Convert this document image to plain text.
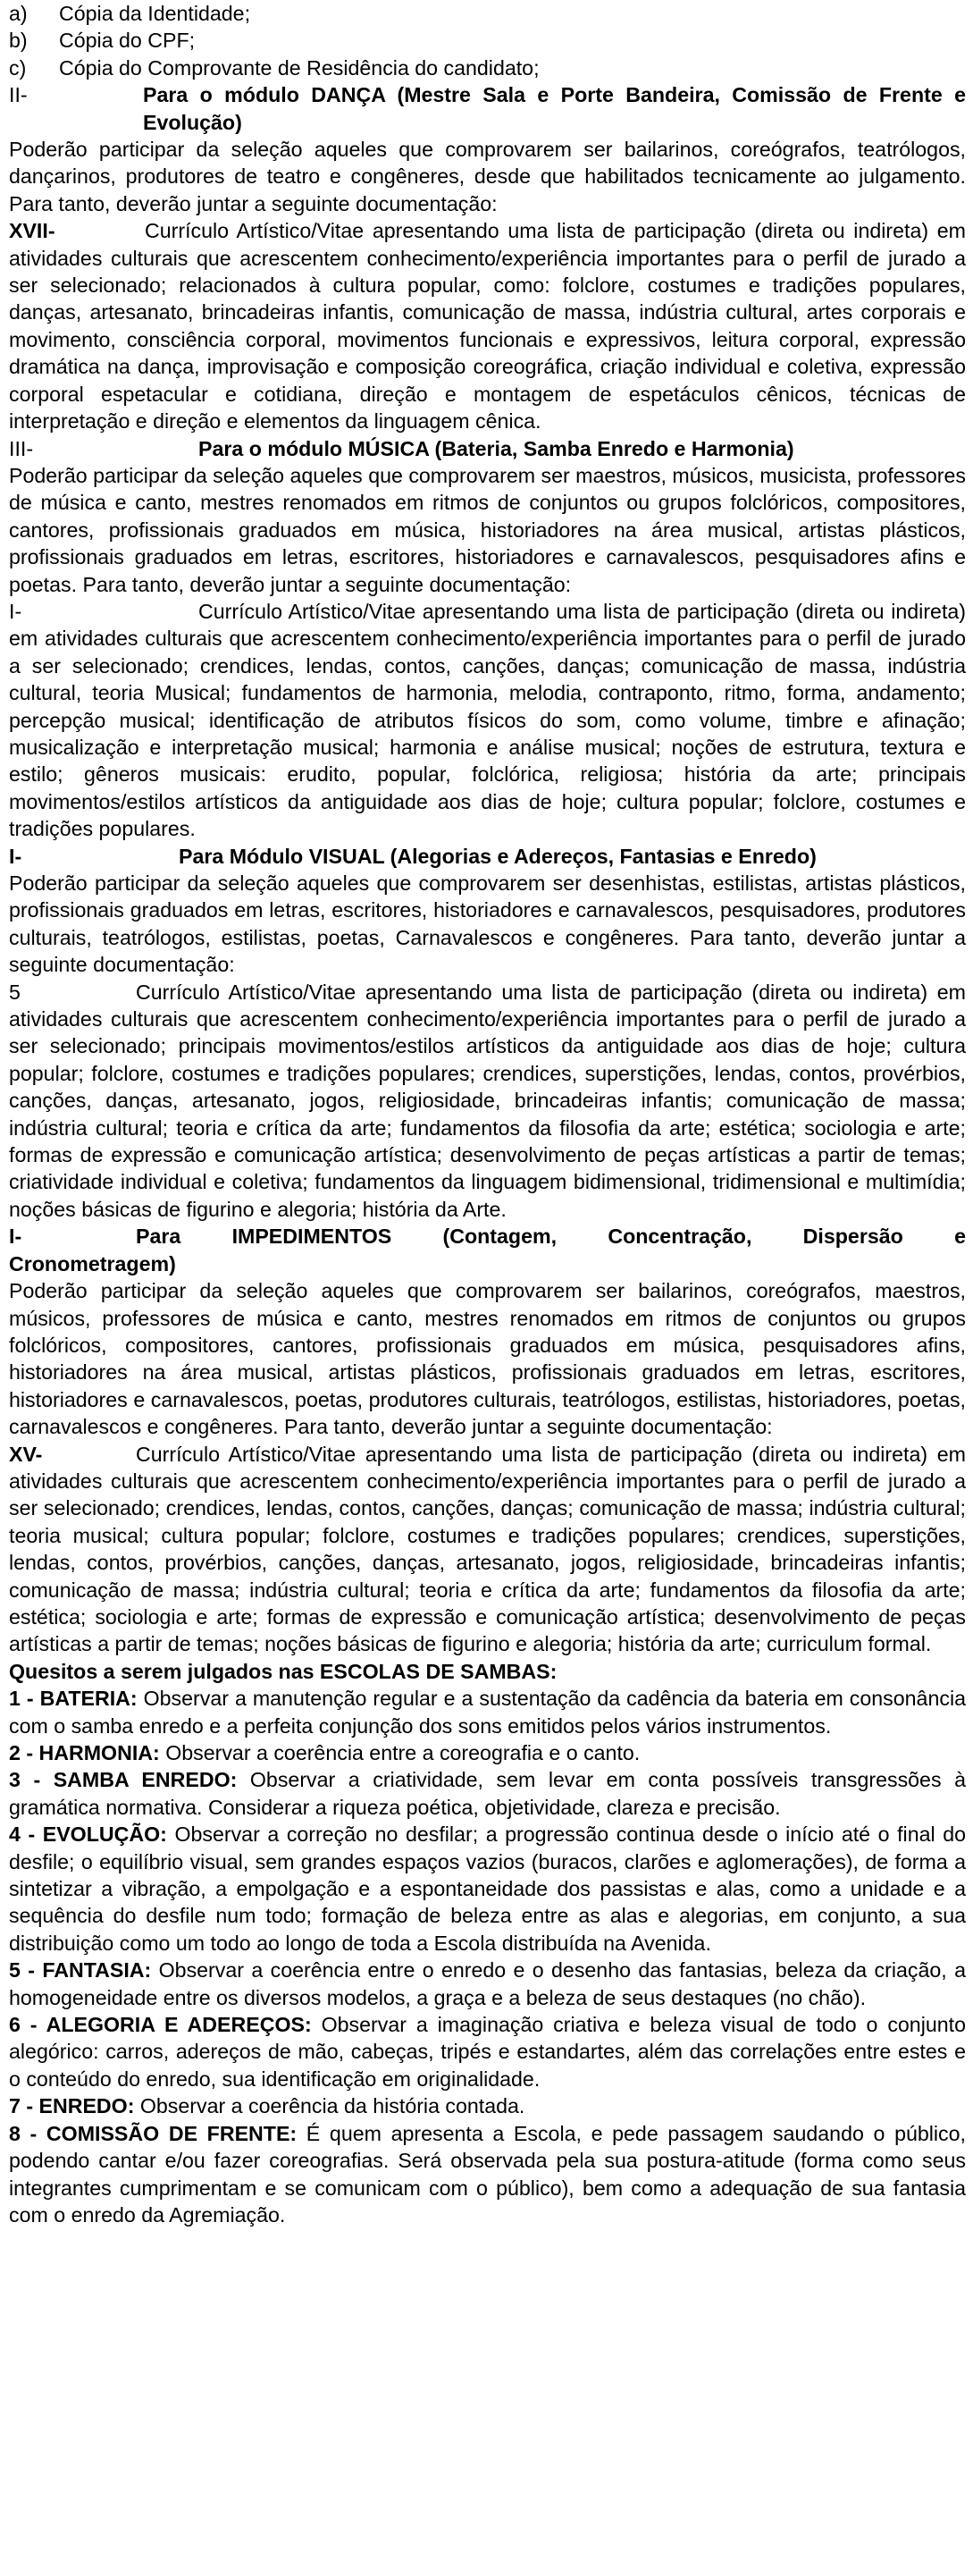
a) Cópia da Identidade;
b) Cópia do CPF;
c) Cópia do Comprovante de Residência do candidato;
II-	Para o módulo DANÇA (Mestre Sala e Porte Bandeira, Comissão de Frente e Evolução)
Poderão participar da seleção aqueles que comprovarem ser bailarinos, coreógrafos, teatrólogos, dançarinos, produtores de teatro e congêneres, desde que habilitados tecnicamente ao julgamento. Para tanto, deverão juntar a seguinte documentação:
XVII-	Currículo Artístico/Vitae apresentando uma lista de participação (direta ou indireta) em atividades culturais que acrescentem conhecimento/experiência importantes para o perfil de jurado a ser selecionado; relacionados à cultura popular, como: folclore, costumes e tradições populares, danças, artesanato, brincadeiras infantis, comunicação de massa, indústria cultural, artes corporais e movimento, consciência corporal, movimentos funcionais e expressivos, leitura corporal, expressão dramática na dança, improvisação e composição coreográfica, criação individual e coletiva, expressão corporal espetacular e cotidiana, direção e montagem de espetáculos cênicos, técnicas de interpretação e direção e elementos da linguagem cênica.
III-	Para o módulo MÚSICA (Bateria, Samba Enredo e Harmonia)
Poderão participar da seleção aqueles que comprovarem ser maestros, músicos, musicista, professores de música e canto, mestres renomados em ritmos de conjuntos ou grupos folclóricos, compositores, cantores, profissionais graduados em música, historiadores na área musical, artistas plásticos, profissionais graduados em letras, escritores, historiadores e carnavalescos, pesquisadores afins e poetas. Para tanto, deverão juntar a seguinte documentação:
I-	Currículo Artístico/Vitae apresentando uma lista de participação (direta ou indireta) em atividades culturais que acrescentem conhecimento/experiência importantes para o perfil de jurado a ser selecionado; crendices, lendas, contos, canções, danças; comunicação de massa, indústria cultural, teoria Musical; fundamentos de harmonia, melodia, contraponto, ritmo, forma, andamento; percepção musical; identificação de atributos físicos do som, como volume, timbre e afinação; musicalização e interpretação musical; harmonia e análise musical; noções de estrutura, textura e estilo; gêneros musicais: erudito, popular, folclórica, religiosa; história da arte; principais movimentos/estilos artísticos da antiguidade aos dias de hoje; cultura popular; folclore, costumes e tradições populares.
I-	Para Módulo VISUAL (Alegorias e Adereços, Fantasias e Enredo)
Poderão participar da seleção aqueles que comprovarem ser desenhistas, estilistas, artistas plásticos, profissionais graduados em letras, escritores, historiadores e carnavalescos, pesquisadores, produtores culturais, teatrólogos, estilistas, poetas, Carnavalescos e congêneres. Para tanto, deverão juntar a seguinte documentação:
5	Currículo Artístico/Vitae apresentando uma lista de participação (direta ou indireta) em atividades culturais que acrescentem conhecimento/experiência importantes para o perfil de jurado a ser selecionado; principais movimentos/estilos artísticos da antiguidade aos dias de hoje; cultura popular; folclore, costumes e tradições populares; crendices, superstições, lendas, contos, provérbios, canções, danças, artesanato, jogos, religiosidade, brincadeiras infantis; comunicação de massa; indústria cultural; teoria e crítica da arte; fundamentos da filosofia da arte; estética; sociologia e arte; formas de expressão e comunicação artística; desenvolvimento de peças artísticas a partir de temas; criatividade individual e coletiva; fundamentos da linguagem bidimensional, tridimensional e multimídia; noções básicas de figurino e alegoria; história da Arte.
I-	Para IMPEDIMENTOS (Contagem, Concentração, Dispersão e
Cronometragem)
Poderão participar da seleção aqueles que comprovarem ser bailarinos, coreógrafos, maestros, músicos, professores de música e canto, mestres renomados em ritmos de conjuntos ou grupos folclóricos, compositores, cantores, profissionais graduados em música, pesquisadores afins, historiadores na área musical, artistas plásticos, profissionais graduados em letras, escritores, historiadores e carnavalescos, poetas, produtores culturais, teatrólogos, estilistas, historiadores, poetas, carnavalescos e congêneres. Para tanto, deverão juntar a seguinte documentação:
XV-	Currículo Artístico/Vitae apresentando uma lista de participação (direta ou indireta) em atividades culturais que acrescentem conhecimento/experiência importantes para o perfil de jurado a ser selecionado; crendices, lendas, contos, canções, danças; comunicação de massa; indústria cultural; teoria musical; cultura popular; folclore, costumes e tradições populares; crendices, superstições, lendas, contos, provérbios, canções, danças, artesanato, jogos, religiosidade, brincadeiras infantis; comunicação de massa; indústria cultural; teoria e crítica da arte; fundamentos da filosofia da arte; estética; sociologia e arte; formas de expressão e comunicação artística; desenvolvimento de peças artísticas a partir de temas; noções básicas de figurino e alegoria; história da arte; curriculum formal.
Quesitos a serem julgados nas ESCOLAS DE SAMBAS:
1 - BATERIA: Observar a manutenção regular e a sustentação da cadência da bateria em consonância com o samba enredo e a perfeita conjunção dos sons emitidos pelos vários instrumentos.
2 - HARMONIA: Observar a coerência entre a coreografia e o canto.
3 - SAMBA ENREDO: Observar a criatividade, sem levar em conta possíveis transgressões à gramática normativa. Considerar a riqueza poética, objetividade, clareza e precisão.
4 - EVOLUÇÃO: Observar a correção no desfilar; a progressão continua desde o início até o final do desfile; o equilíbrio visual, sem grandes espaços vazios (buracos, clarões e aglomerações), de forma a sintetizar a vibração, a empolgação e a espontaneidade dos passistas e alas, como a unidade e a sequência do desfile num todo; formação de beleza entre as alas e alegorias, em conjunto, a sua distribuição como um todo ao longo de toda a Escola distribuída na Avenida.
5 - FANTASIA: Observar a coerência entre o enredo e o desenho das fantasias, beleza da criação, a homogeneidade entre os diversos modelos, a graça e a beleza de seus destaques (no chão).
6 - ALEGORIA E ADEREÇOS: Observar a imaginação criativa e beleza visual de todo o conjunto alegórico: carros, adereços de mão, cabeças, tripés e estandartes, além das correlações entre estes e o conteúdo do enredo, sua identificação em originalidade.
7 - ENREDO: Observar a coerência da história contada.
8 - COMISSÃO DE FRENTE: É quem apresenta a Escola, e pede passagem saudando o público, podendo cantar e/ou fazer coreografias. Será observada pela sua postura-atitude (forma como seus integrantes cumprimentam e se comunicam com o público), bem como a adequação de sua fantasia com o enredo da Agremiação.
